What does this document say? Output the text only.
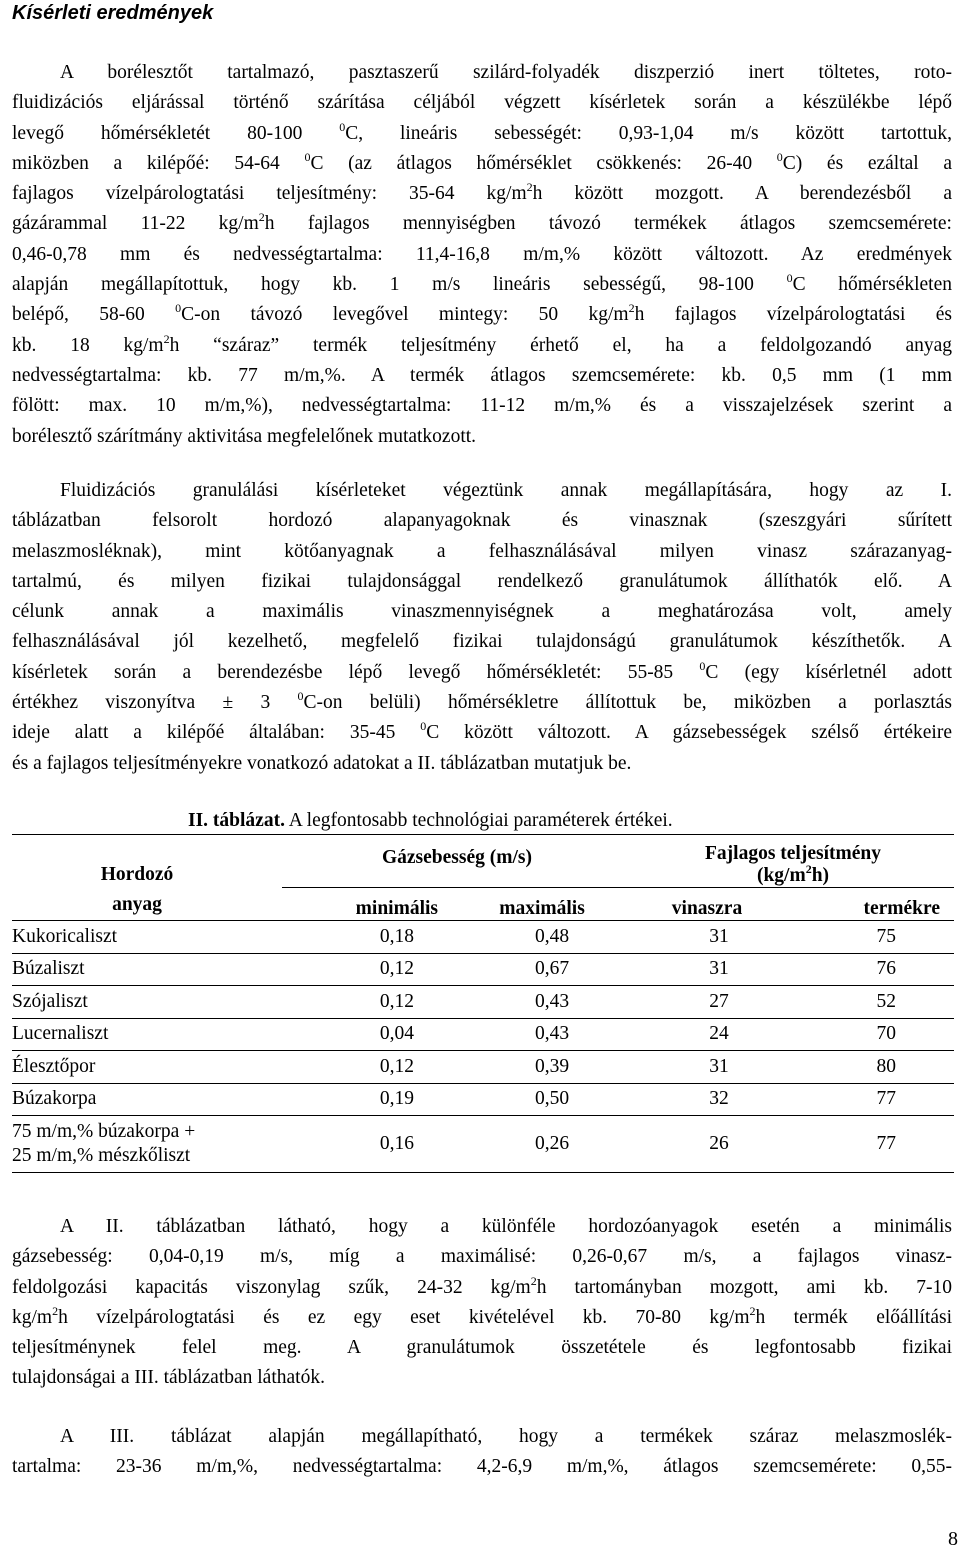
Kísérleti eredmények
A borélesztőt tartalmazó, pasztaszerű szilárd-folyadék diszperzió inert töltetes, roto-
fluidizációs eljárással történő szárítása céljából végzett kísérletek során a készülékbe lépő
levegő hőmérsékletét 80-100 $^0$C, lineáris sebességét: 0,93-1,04 m/s között tartottuk,
miközben a kilépőé: 54-64 $^0$C (az átlagos hőmérséklet csökkenés: 26-40 $^0$C) és ezáltal a
fajlagos vízelpárologtatási teljesítmény: 35-64 $kg/m^2h$ között mozgott. A berendezésből a
gázárammal 11-22 $kg/m^2h$ fajlagos mennyiségben távozó termékek átlagos szemcsemérete:
0,46-0,78 mm és nedvességtartalma: 11,4-16,8 m/m,% között változott. Az eredmények
alapján megállapítottuk, hogy kb. 1 m/s lineáris sebességű, 98-100 $^0$C hőmérsékleten
belépő, 58-60 $^0$C-on távozó levegővel mintegy: 50 $kg/m^2h$ fajlagos vízelpárologtatási és
kb. 18 $kg/m^2h$ “száraz” termék teljesítmény érhető el, ha a feldolgozandó anyag
nedvességtartalma: kb. 77 m/m,%. A termék átlagos szemcsemérete: kb. 0,5 mm (1 mm
fölött: max. 10 m/m,%), nedvességtartalma: 11-12 m/m,% és a visszajelzések szerint a
borélesztő szárítmány aktivitása megfelelőnek mutatkozott.
Fluidizációs granulálási kísérleteket végeztünk annak megállapítására, hogy az I.
táblázatban felsorolt hordozó alapanyagoknak és vinasznak (szeszgyári sűrített
melaszmosléknak), mint kötőanyagnak a felhasználásával milyen vinasz szárazanyag-
tartalmú, és milyen fizikai tulajdonsággal rendelkező granulátumok állíthatók elő. A
célunk annak a maximális vinaszmennyiségnek a meghatározása volt, amely
felhasználásával jól kezelhető, megfelelő fizikai tulajdonságú granulátumok készíthetők. A
kísérletek során a berendezésbe lépő levegő hőmérsékletét: 55-85 $^0$C (egy kísérletnél adott
értékhez viszonyítva ± 3 $^0$C-on belüli) hőmérsékletre állítottuk be, miközben a porlasztás
ideje alatt a kilépőé általában: 35-45 $^0$C között változott. A gázsebességek szélső értékeire
és a fajlagos teljesítményekre vonatkozó adatokat a II. táblázatban mutatjuk be.
II. táblázat. A legfontosabb technológiai paraméterek értékei.

Hordozó
anyag	Gázsebesség (m/s)		Fajlagos teljesítmény
$(kg/m^2h)$	

	minimális	maximális	vinaszra	termékre
Kukoricaliszt	0,18	0,48	31	75
Búzaliszt	0,12	0,67	31	76
Szójaliszt	0,12	0,43	27	52
Lucernaliszt	0,04	0,43	24	70
Élesztőpor	0,12	0,39	31	80
Búzakorpa	0,19	0,50	32	77

75 m/m,% búzakorpa +
25 m/m,% mészkőliszt	0,16	0,26	26	77
A II. táblázatban látható, hogy a különféle hordozóanyagok esetén a minimális
gázsebesség: 0,04-0,19 m/s, míg a maximálisé: 0,26-0,67 m/s, a fajlagos vinasz-
feldolgozási kapacitás viszonylag szűk, 24-32 $kg/m^2h$ tartományban mozgott, ami kb. 7-10
$kg/m^2h$ vízelpárologtatási és ez egy eset kivételével kb. 70-80 $kg/m^2h$ termék előállítási
teljesítménynek felel meg. A granulátumok összetétele és legfontosabb fizikai
tulajdonságai a III. táblázatban láthatók.
A III. táblázat alapján megállapítható, hogy a termékek száraz melaszmoslék-
tartalma: 23-36 m/m,%, nedvességtartalma: 4,2-6,9 m/m,%, átlagos szemcsemérete: 0,55-
8
